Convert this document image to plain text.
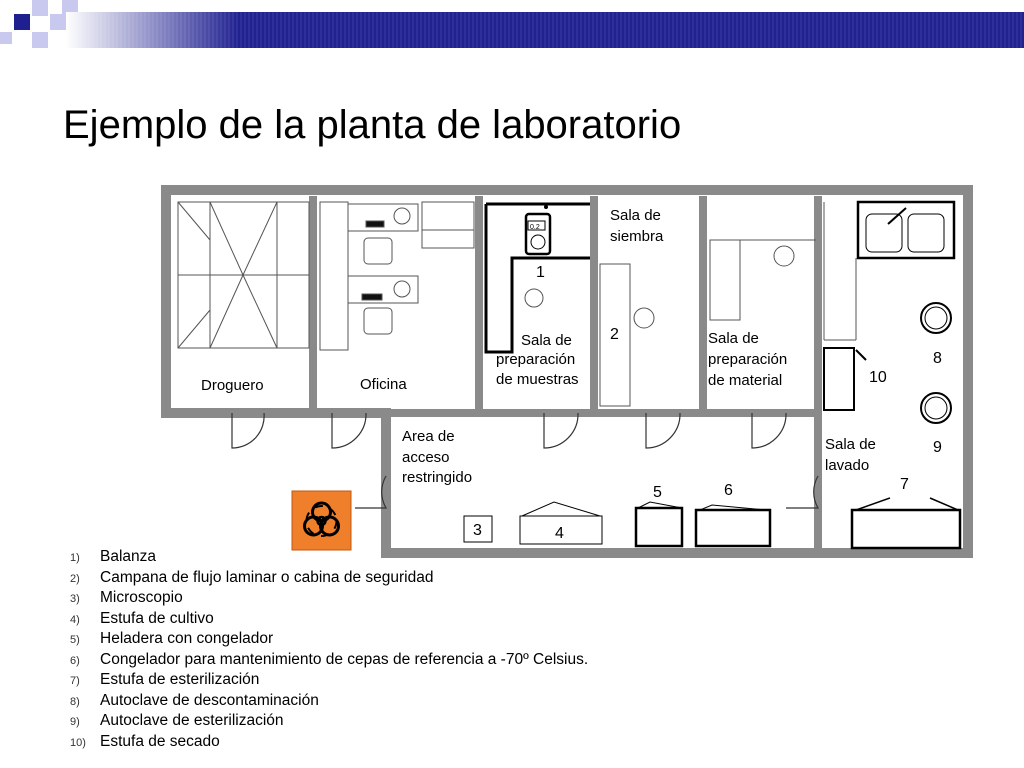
Ejemplo de la planta de laboratorio
Droguero	Oficina
Sala de
preparación
de muestras
Sala de
siembra
Sala de
preparación
de material
Area de
acceso
restringido
Sala de
lavado
0.2
1
2
3	4
5	6	7
8
9
10
1) Balanza
2) Campana de flujo laminar o cabina de seguridad
3) Microscopio
4) Estufa de cultivo
5) Heladera con congelador
6) Congelador para mantenimiento de cepas de referencia a -70º Celsius.
7) Estufa de esterilización
8) Autoclave de descontaminación
9) Autoclave de esterilización
10) Estufa de secado
